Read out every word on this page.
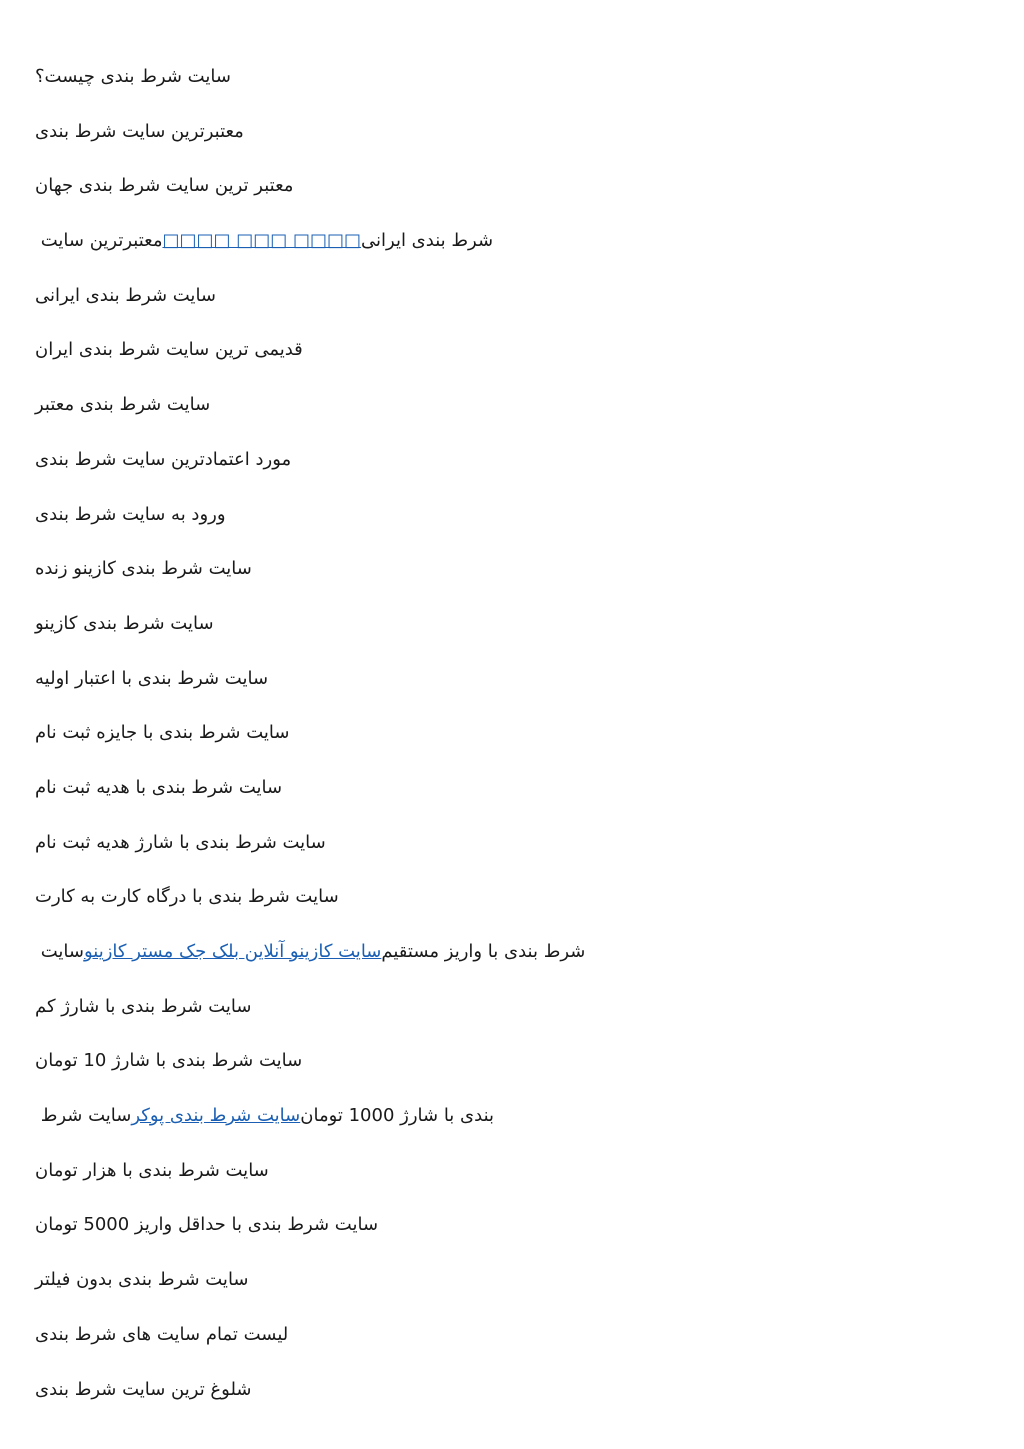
سایت شرط بندی چیست؟
معتبرترین سایت شرط بندی
معتبر ترین سایت شرط بندی جهان
معتبرترین سایت □□□□ □□□ □□□□ شرط بندی ایرانی
سایت شرط بندی ایرانی
قدیمی ترین سایت شرط بندی ایران
سایت شرط بندی معتبر
مورد اعتمادترین سایت شرط بندی
ورود به سایت شرط بندی
سایت شرط بندی کازینو زنده
سایت شرط بندی کازینو
سایت شرط بندی با اعتبار اولیه
سایت شرط بندی با جایزه ثبت نام
سایت شرط بندی با هدیه ثبت نام
سایت شرط بندی با شارژ هدیه ثبت نام
سایت شرط بندی با درگاه کارت به کارت
سایت سایت کازینو آنلاین بلک جک مستر کازینو شرط بندی با واریز مستقیم
سایت شرط بندی با شارژ کم
سایت شرط بندی با شارژ 10 تومان
سایت شرط سایت شرط بندی پوکر بندی با شارژ 1000 تومان
سایت شرط بندی با هزار تومان
سایت شرط بندی با حداقل واریز 5000 تومان
سایت شرط بندی بدون فیلتر
لیست تمام سایت های شرط بندی
شلوغ ترین سایت شرط بندی
